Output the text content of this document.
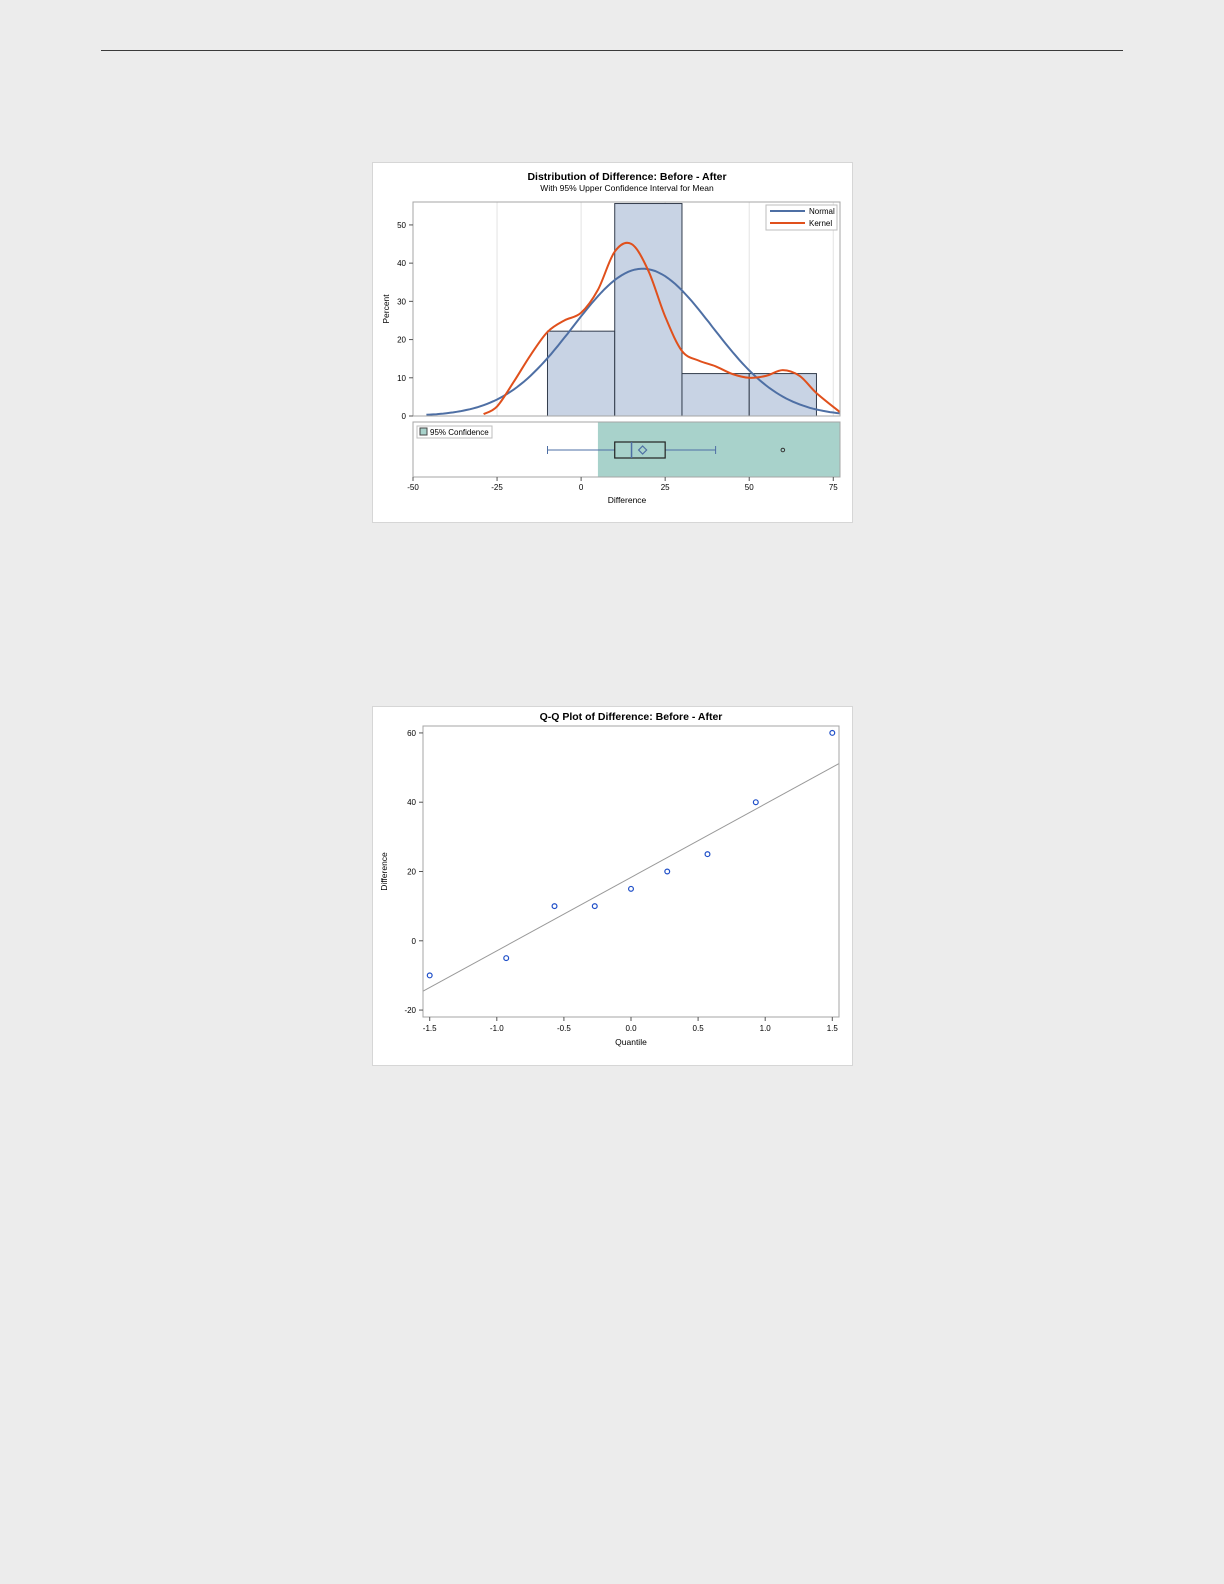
Distribution of Difference: Before - After
With 95% Upper Confidence Interval for Mean
0
10
20
30
40
50
Percent
Normal
Kernel
95% Confidence
-50	-25	0	25	50	75
Difference
Q-Q Plot of Difference: Before - After
-20
0
20
40
60
-1.5	-1.0	-0.5	0.0	0.5	1.0	1.5
Quantile
Difference
